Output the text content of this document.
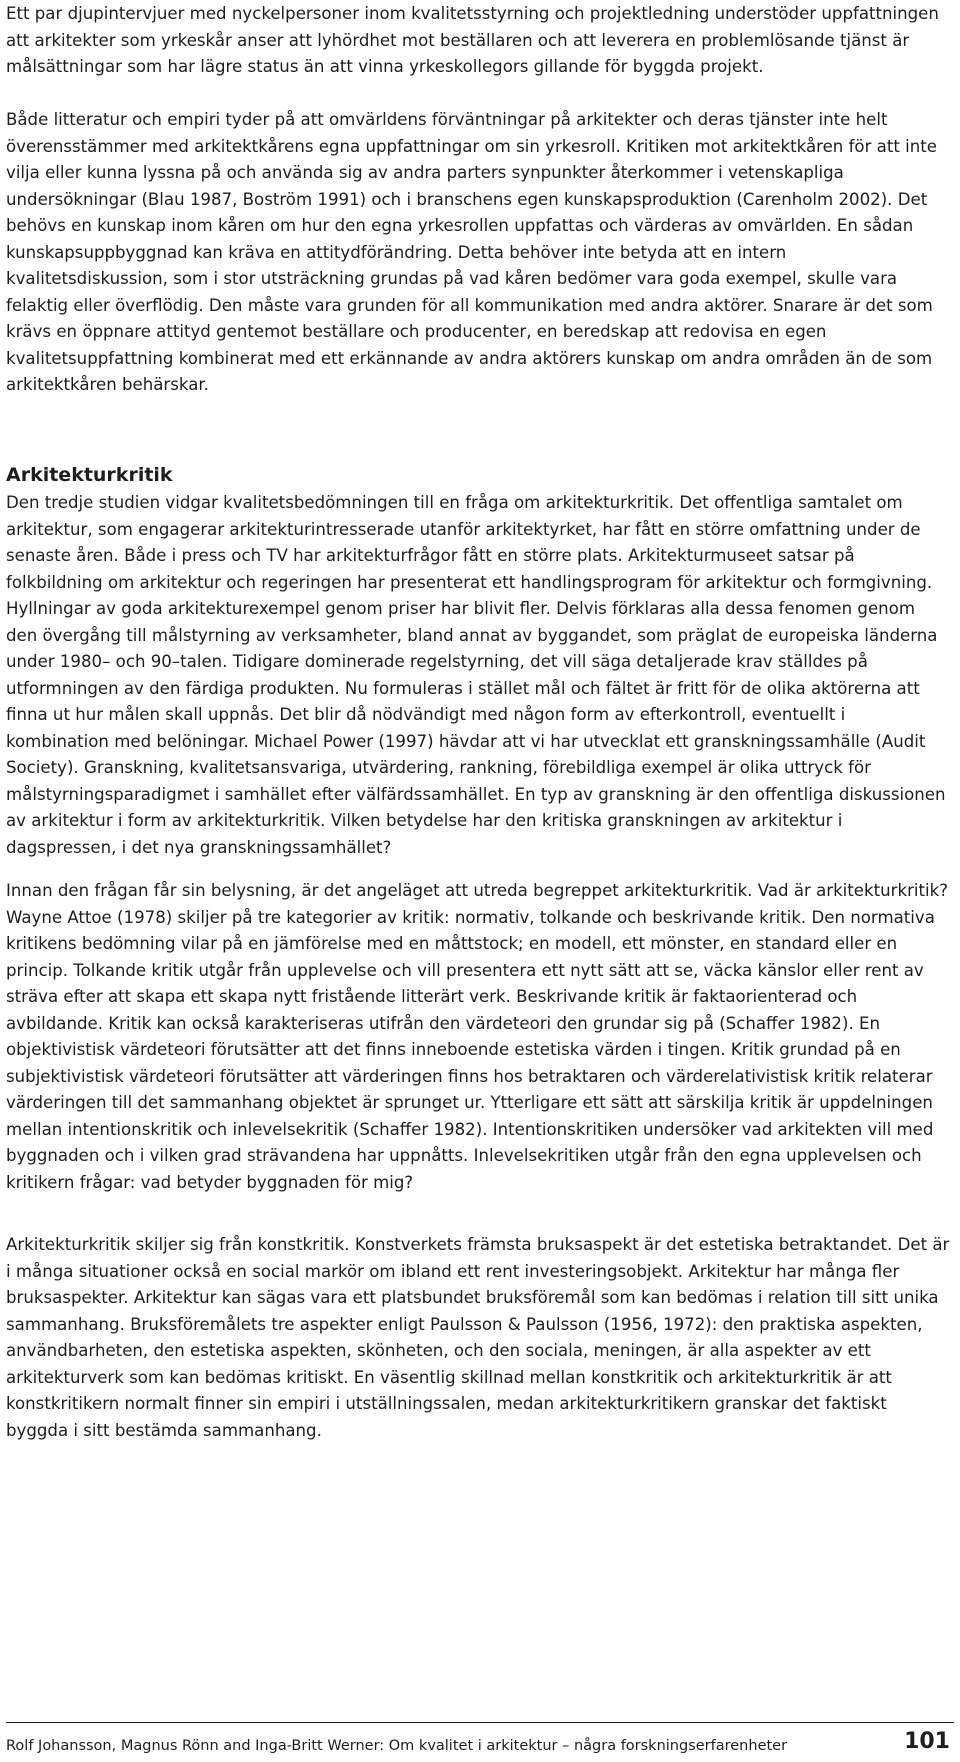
Ett par djupintervjuer med nyckelpersoner inom kvalitetsstyrning och projektledning understöder uppfattningen att arkitekter som yrkeskår anser att lyhördhet mot beställaren och att leverera en problemlösande tjänst är målsättningar som har lägre status än att vinna yrkeskollegors gillande för byggda projekt.

Både litteratur och empiri tyder på att omvärldens förväntningar på arkitekter och deras tjänster inte helt överensstämmer med arkitektkårens egna uppfattningar om sin yrkesroll. Kritiken mot arkitektkåren för att inte vilja eller kunna lyssna på och använda sig av andra parters synpunkter återkommer i vetenskapliga undersökningar (Blau 1987, Boström 1991) och i branschens egen kunskapsproduktion (Carenholm 2002). Det behövs en kunskap inom kåren om hur den egna yrkesrollen uppfattas och värderas av omvärlden. En sådan kunskapsuppbyggnad kan kräva en attitydförändring. Detta behöver inte betyda att en intern kvalitetsdiskussion, som i stor utsträckning grundas på vad kåren bedömer vara goda exempel, skulle vara felaktig eller överflödig. Den måste vara grunden för all kommunikation med andra aktörer. Snarare är det som krävs en öppnare attityd gentemot beställare och producenter, en beredskap att redovisa en egen kvalitetsuppfattning kombinerat med ett erkännande av andra aktörers kunskap om andra områden än de som arkitektkåren behärskar.

Arkitekturkritik

Den tredje studien vidgar kvalitetsbedömningen till en fråga om arkitekturkritik. Det offentliga samtalet om arkitektur, som engagerar arkitekturintresserade utanför arkitektyrket, har fått en större omfattning under de senaste åren. Både i press och TV har arkitekturfrågor fått en större plats. Arkitekturmuseet satsar på folkbildning om arkitektur och regeringen har presenterat ett handlingsprogram för arkitektur och formgivning. Hyllningar av goda arkitekturexempel genom priser har blivit fler. Delvis förklaras alla dessa fenomen genom den övergång till målstyrning av verksamheter, bland annat av byggandet, som präglat de europeiska länderna under 1980– och 90–talen. Tidigare dominerade regelstyrning, det vill säga detaljerade krav ställdes på utformningen av den färdiga produkten. Nu formuleras i stället mål och fältet är fritt för de olika aktörerna att finna ut hur målen skall uppnås. Det blir då nödvändigt med någon form av efterkontroll, eventuellt i kombination med belöningar. Michael Power (1997) hävdar att vi har utvecklat ett granskningssamhälle (Audit Society). Granskning, kvalitetsansvariga, utvärdering, rankning, förebildliga exempel är olika uttryck för målstyrningsparadigmet i samhället efter välfärdssamhället. En typ av granskning är den offentliga diskussionen av arkitektur i form av arkitekturkritik. Vilken betydelse har den kritiska granskningen av arkitektur i dagspressen, i det nya granskningssamhället?

Innan den frågan får sin belysning, är det angeläget att utreda begreppet arkitekturkritik. Vad är arkitekturkritik? Wayne Attoe (1978) skiljer på tre kategorier av kritik: normativ, tolkande och beskrivande kritik. Den normativa kritikens bedömning vilar på en jämförelse med en måttstock; en modell, ett mönster, en standard eller en princip. Tolkande kritik utgår från upplevelse och vill presentera ett nytt sätt att se, väcka känslor eller rent av sträva efter att skapa ett skapa nytt fristående litterärt verk. Beskrivande kritik är faktaorienterad och avbildande. Kritik kan också karakteriseras utifrån den värdeteori den grundar sig på (Schaffer 1982). En objektivistisk värdeteori förutsätter att det finns inneboende estetiska värden i tingen. Kritik grundad på en subjektivistisk värdeteori förutsätter att värderingen finns hos betraktaren och värderelativistisk kritik relaterar värderingen till det sammanhang objektet är sprunget ur. Ytterligare ett sätt att särskilja kritik är uppdelningen mellan intentionskritik och inlevelsekritik (Schaffer 1982). Intentionskritiken undersöker vad arkitekten vill med byggnaden och i vilken grad strävandena har uppnåtts. Inlevelsekritiken utgår från den egna upplevelsen och kritikern frågar: vad betyder byggnaden för mig?

Arkitekturkritik skiljer sig från konstkritik. Konstverkets främsta bruksaspekt är det estetiska betraktandet. Det är i många situationer också en social markör om ibland ett rent investeringsobjekt. Arkitektur har många fler bruksaspekter. Arkitektur kan sägas vara ett platsbundet bruksföremål som kan bedömas i relation till sitt unika sammanhang. Bruksföremålets tre aspekter enligt Paulsson & Paulsson (1956, 1972): den praktiska aspekten, användbarheten, den estetiska aspekten, skönheten, och den sociala, meningen, är alla aspekter av ett arkitekturverk som kan bedömas kritiskt. En väsentlig skillnad mellan konstkritik och arkitekturkritik är att konstkritikern normalt finner sin empiri i utställningssalen, medan arkitekturkritikern granskar det faktiskt byggda i sitt bestämda sammanhang.

Rolf Johansson, Magnus Rönn and Inga-Britt Werner: Om kvalitet i arkitektur – några forskningserfarenheter	101
